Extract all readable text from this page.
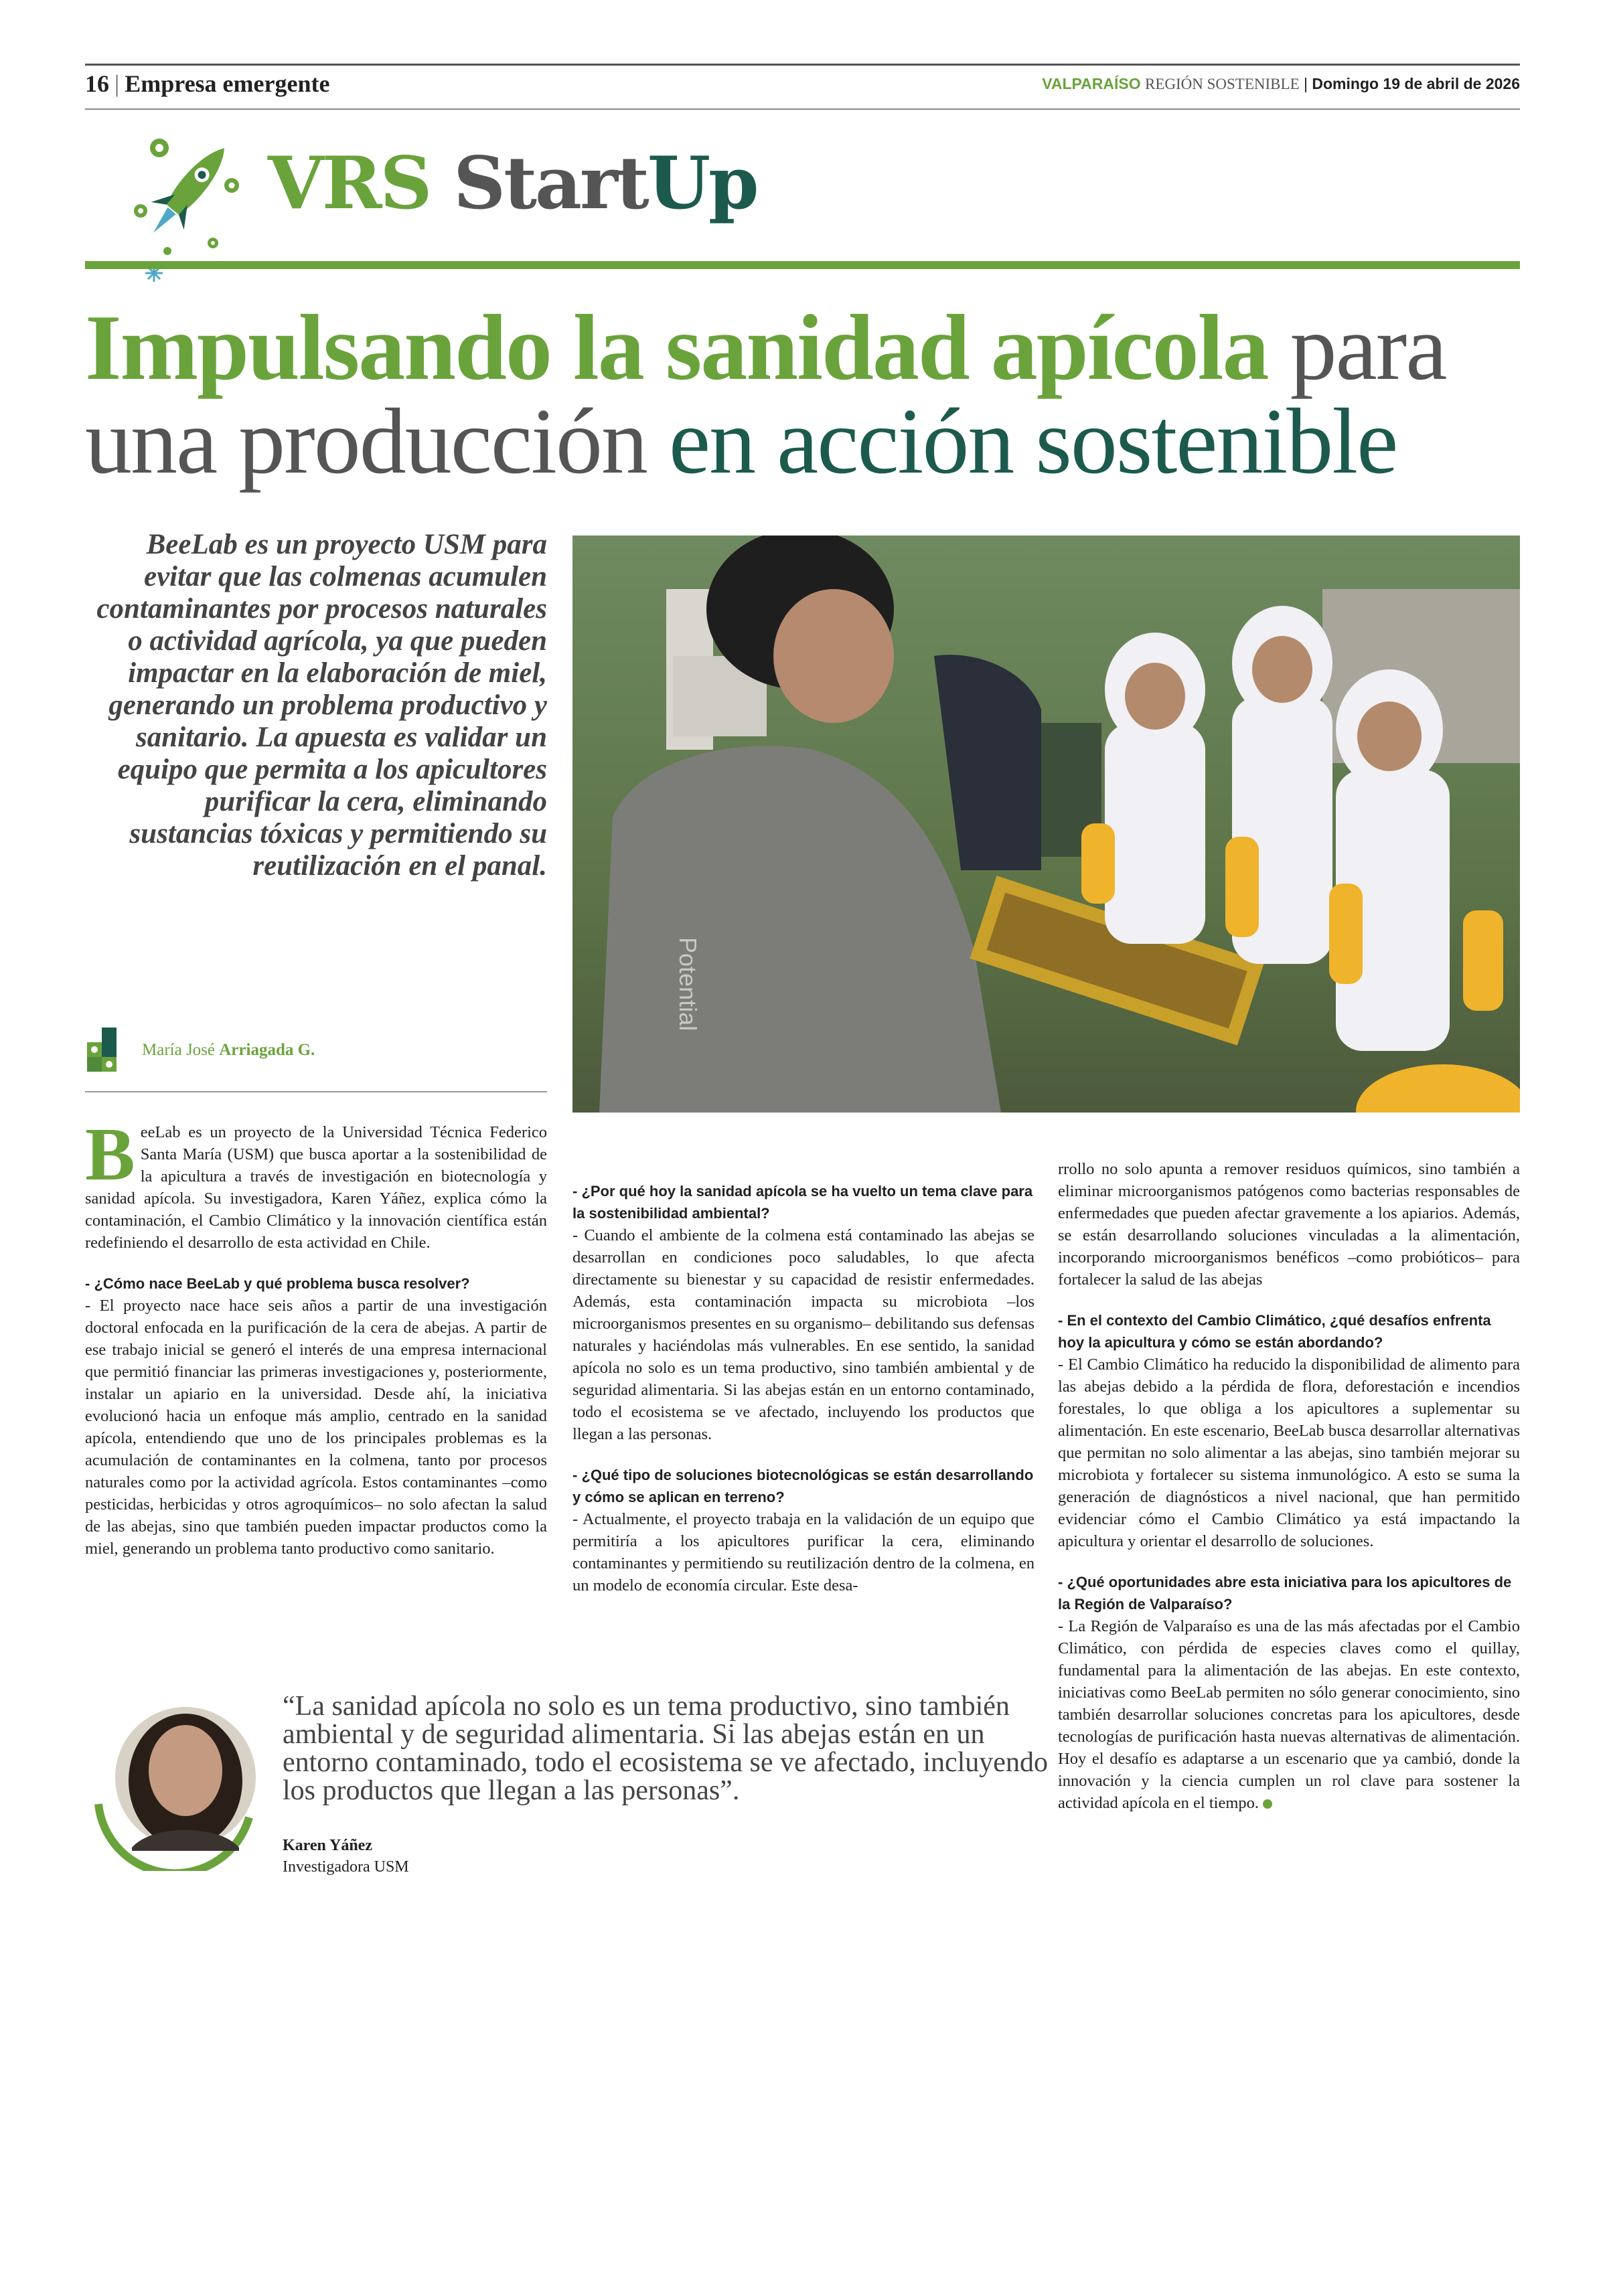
16 | Empresa emergente	VALPARAÍSO REGIÓN SOSTENIBLE | Domingo 19 de abril de 2026
VRS StartUp
Impulsando la sanidad apícola para
una producción en acción sostenible
BeeLab es un proyecto USM para evitar que las colmenas acumulen contaminantes por procesos naturales o actividad agrícola, ya que pueden impactar en la elaboración de miel, generando un problema productivo y sanitario. La apuesta es validar un equipo que permita a los apicultores purificar la cera, eliminando sustancias tóxicas y permitiendo su reutilización en el panal.
Potential
María José Arriagada G.

BeeLab es un proyecto de la Universidad Técnica Federico Santa María (USM) que busca aportar a la sostenibilidad de la apicultura a través de investigación en biotecnología y sanidad apícola. Su investigadora, Karen Yáñez, explica cómo la contaminación, el Cambio Climático y la innovación científica están redefiniendo el desarrollo de esta actividad en Chile.

- ¿Cómo nace BeeLab y qué problema busca resolver?

- El proyecto nace hace seis años a partir de una investigación doctoral enfocada en la purificación de la cera de abejas. A partir de ese trabajo inicial se generó el interés de una empresa internacional que permitió financiar las primeras investigaciones y, posteriormente, instalar un apiario en la universidad. Desde ahí, la iniciativa evolucionó hacia un enfoque más amplio, centrado en la sanidad apícola, entendiendo que uno de los principales problemas es la acumulación de contaminantes en la colmena, tanto por procesos naturales como por la actividad agrícola. Estos contaminantes –como pesticidas, herbicidas y otros agroquímicos– no solo afectan la salud de las abejas, sino que también pueden impactar productos como la miel, generando un problema tanto productivo como sanitario.

- ¿Por qué hoy la sanidad apícola se ha vuelto un tema clave para la sostenibilidad ambiental?

- Cuando el ambiente de la colmena está contaminado las abejas se desarrollan en condiciones poco saludables, lo que afecta directamente su bienestar y su capacidad de resistir enfermedades. Además, esta contaminación impacta su microbiota –los microorganismos presentes en su organismo– debilitando sus defensas naturales y haciéndolas más vulnerables. En ese sentido, la sanidad apícola no solo es un tema productivo, sino también ambiental y de seguridad alimentaria. Si las abejas están en un entorno contaminado, todo el ecosistema se ve afectado, incluyendo los productos que llegan a las personas.

- ¿Qué tipo de soluciones biotecnológicas se están desarrollando y cómo se aplican en terreno?

- Actualmente, el proyecto trabaja en la validación de un equipo que permitiría a los apicultores purificar la cera, eliminando contaminantes y permitiendo su reutilización dentro de la colmena, en un modelo de economía circular. Este desa-

rrollo no solo apunta a remover residuos químicos, sino también a eliminar microorganismos patógenos como bacterias responsables de enfermedades que pueden afectar gravemente a los apiarios. Además, se están desarrollando soluciones vinculadas a la alimentación, incorporando microorganismos benéficos –como probióticos– para fortalecer la salud de las abejas

- En el contexto del Cambio Climático, ¿qué desafíos enfrenta hoy la apicultura y cómo se están abordando?

- El Cambio Climático ha reducido la disponibilidad de alimento para las abejas debido a la pérdida de flora, deforestación e incendios forestales, lo que obliga a los apicultores a suplementar su alimentación. En este escenario, BeeLab busca desarrollar alternativas que permitan no solo alimentar a las abejas, sino también mejorar su microbiota y fortalecer su sistema inmunológico. A esto se suma la generación de diagnósticos a nivel nacional, que han permitido evidenciar cómo el Cambio Climático ya está impactando la apicultura y orientar el desarrollo de soluciones.

- ¿Qué oportunidades abre esta iniciativa para los apicultores de la Región de Valparaíso?

- La Región de Valparaíso es una de las más afectadas por el Cambio Climático, con pérdida de especies claves como el quillay, fundamental para la alimentación de las abejas. En este contexto, iniciativas como BeeLab permiten no sólo generar conocimiento, sino también desarrollar soluciones concretas para los apicultores, desde tecnologías de purificación hasta nuevas alternativas de alimentación. Hoy el desafío es adaptarse a un escenario que ya cambió, donde la innovación y la ciencia cumplen un rol clave para sostener la actividad apícola en el tiempo.

“La sanidad apícola no solo es un tema productivo, sino también ambiental y de seguridad alimentaria. Si las abejas están en un entorno contaminado, todo el ecosistema se ve afectado, incluyendo los productos que llegan a las personas”.
Karen Yáñez
Investigadora USM
